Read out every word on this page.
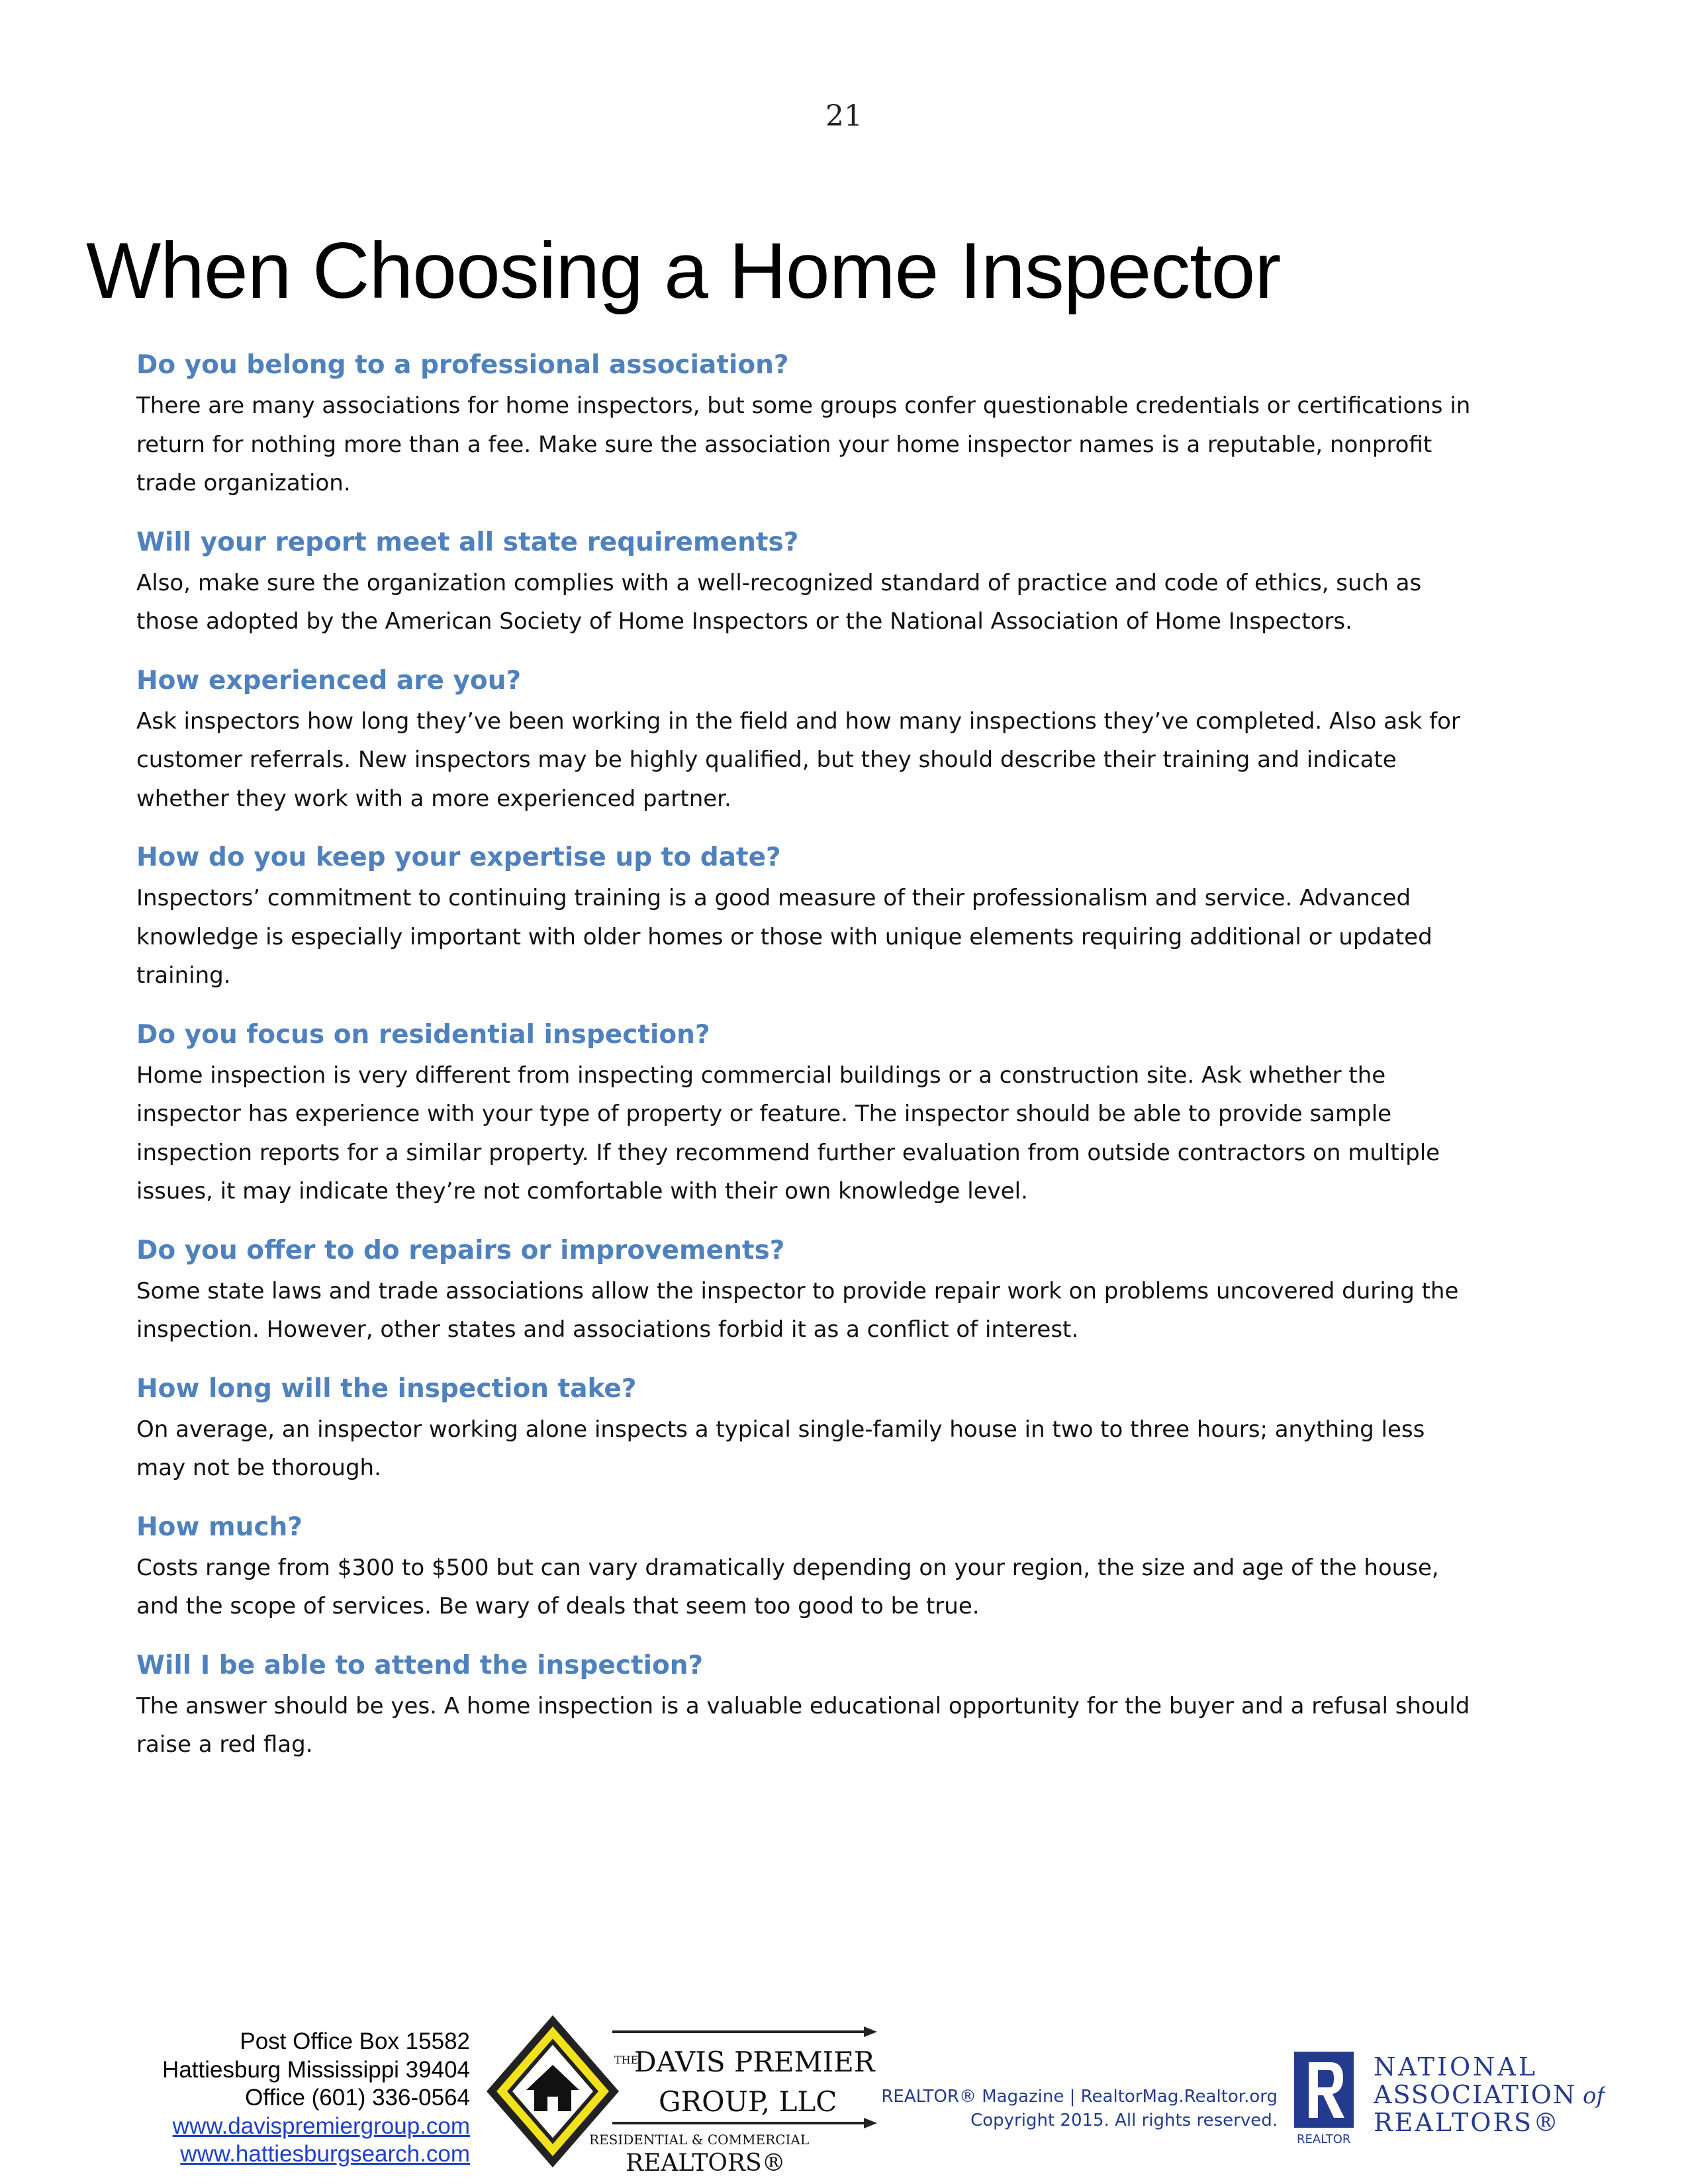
21
When Choosing a Home Inspector

Do you belong to a professional association?

There are many associations for home inspectors, but some groups confer questionable credentials or certifications in return for nothing more than a fee. Make sure the association your home inspector names is a reputable, nonprofit trade organization.

Will your report meet all state requirements?

Also, make sure the organization complies with a well-recognized standard of practice and code of ethics, such as those adopted by the American Society of Home Inspectors or the National Association of Home Inspectors.

How experienced are you?

Ask inspectors how long they’ve been working in the field and how many inspections they’ve completed. Also ask for customer referrals. New inspectors may be highly qualified, but they should describe their training and indicate whether they work with a more experienced partner.

How do you keep your expertise up to date?

Inspectors’ commitment to continuing training is a good measure of their professionalism and service. Advanced knowledge is especially important with older homes or those with unique elements requiring additional or updated training.

Do you focus on residential inspection?

Home inspection is very different from inspecting commercial buildings or a construction site. Ask whether the inspector has experience with your type of property or feature. The inspector should be able to provide sample inspection reports for a similar property. If they recommend further evaluation from outside contractors on multiple issues, it may indicate they’re not comfortable with their own knowledge level.

Do you offer to do repairs or improvements?

Some state laws and trade associations allow the inspector to provide repair work on problems uncovered during the inspection. However, other states and associations forbid it as a conflict of interest.

How long will the inspection take?

On average, an inspector working alone inspects a typical single-family house in two to three hours; anything less may not be thorough.

How much?

Costs range from $300 to $500 but can vary dramatically depending on your region, the size and age of the house, and the scope of services. Be wary of deals that seem too good to be true.

Will I be able to attend the inspection?

The answer should be yes. A home inspection is a valuable educational opportunity for the buyer and a refusal should raise a red flag.

Post Office Box 15582
Hattiesburg Mississippi 39404
Office (601) 336-0564
www.davispremiergroup.com
www.hattiesburgsearch.com
THE
DAVIS PREMIER
GROUP, LLC
RESIDENTIAL & COMMERCIAL
REALTORS®
REALTOR® Magazine | RealtorMag.Realtor.org
Copyright 2015. All rights reserved.
REALTOR
NATIONAL
ASSOCIATION of
REALTORS®
